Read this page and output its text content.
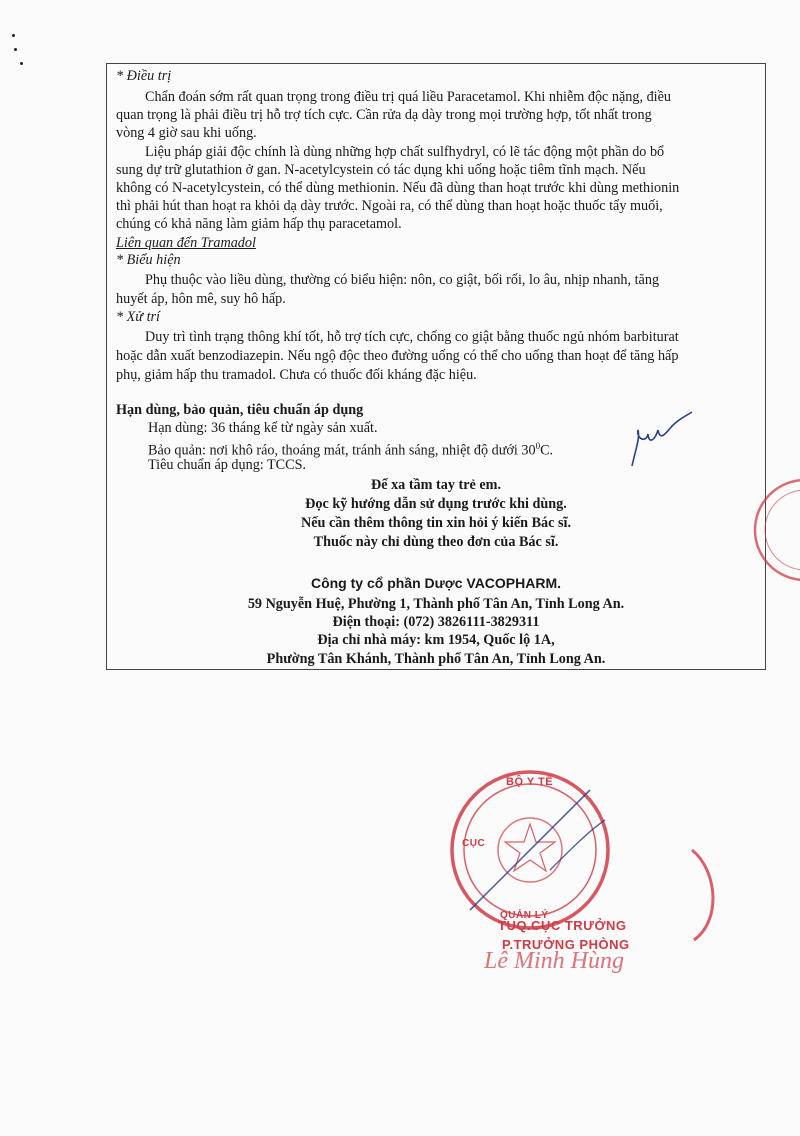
* Điều trị
Chẩn đoán sớm rất quan trọng trong điều trị quá liều Paracetamol. Khi nhiễm độc nặng, điều
quan trọng là phải điều trị hỗ trợ tích cực. Cần rửa dạ dày trong mọi trường hợp, tốt nhất trong
vòng 4 giờ sau khi uống.
Liệu pháp giải độc chính là dùng những hợp chất sulfhydryl, có lẽ tác động một phần do bổ
sung dự trữ glutathion ở gan. N-acetylcystein có tác dụng khi uống hoặc tiêm tĩnh mạch. Nếu
không có N-acetylcystein, có thể dùng methionin. Nếu đã dùng than hoạt trước khi dùng methionin
thì phải hút than hoạt ra khỏi dạ dày trước. Ngoài ra, có thể dùng than hoạt hoặc thuốc tẩy muối,
chúng có khả năng làm giảm hấp thụ paracetamol.
Liên quan đến Tramadol
* Biểu hiện
Phụ thuộc vào liều dùng, thường có biểu hiện: nôn, co giật, bối rối, lo âu, nhịp nhanh, tăng
huyết áp, hôn mê, suy hô hấp.
* Xử trí
Duy trì tình trạng thông khí tốt, hỗ trợ tích cực, chống co giật bằng thuốc ngủ nhóm barbiturat
hoặc dẫn xuất benzodiazepin. Nếu ngộ độc theo đường uống có thể cho uống than hoạt để tăng hấp
phụ, giảm hấp thu tramadol. Chưa có thuốc đối kháng đặc hiệu.
Hạn dùng, bảo quản, tiêu chuẩn áp dụng
Hạn dùng: 36 tháng kể từ ngày sản xuất.
Bảo quản: nơi khô ráo, thoáng mát, tránh ánh sáng, nhiệt độ dưới $30^0C$.
Tiêu chuẩn áp dụng: TCCS.
Để xa tầm tay trẻ em.
Đọc kỹ hướng dẫn sử dụng trước khi dùng.
Nếu cần thêm thông tin xin hỏi ý kiến Bác sĩ.
Thuốc này chỉ dùng theo đơn của Bác sĩ.
Công ty cổ phần Dược VACOPHARM.
59 Nguyễn Huệ, Phường 1, Thành phố Tân An, Tỉnh Long An.
Điện thoại: (072) 3826111-3829311
Địa chỉ nhà máy: km 1954, Quốc lộ 1A,
Phường Tân Khánh, Thành phố Tân An, Tỉnh Long An.
BỘ Y TẾ
CỤC
QUẢN LÝ
TUQ.CỤC TRƯỞNG
P.TRƯỞNG PHÒNG
Lê Minh Hùng
